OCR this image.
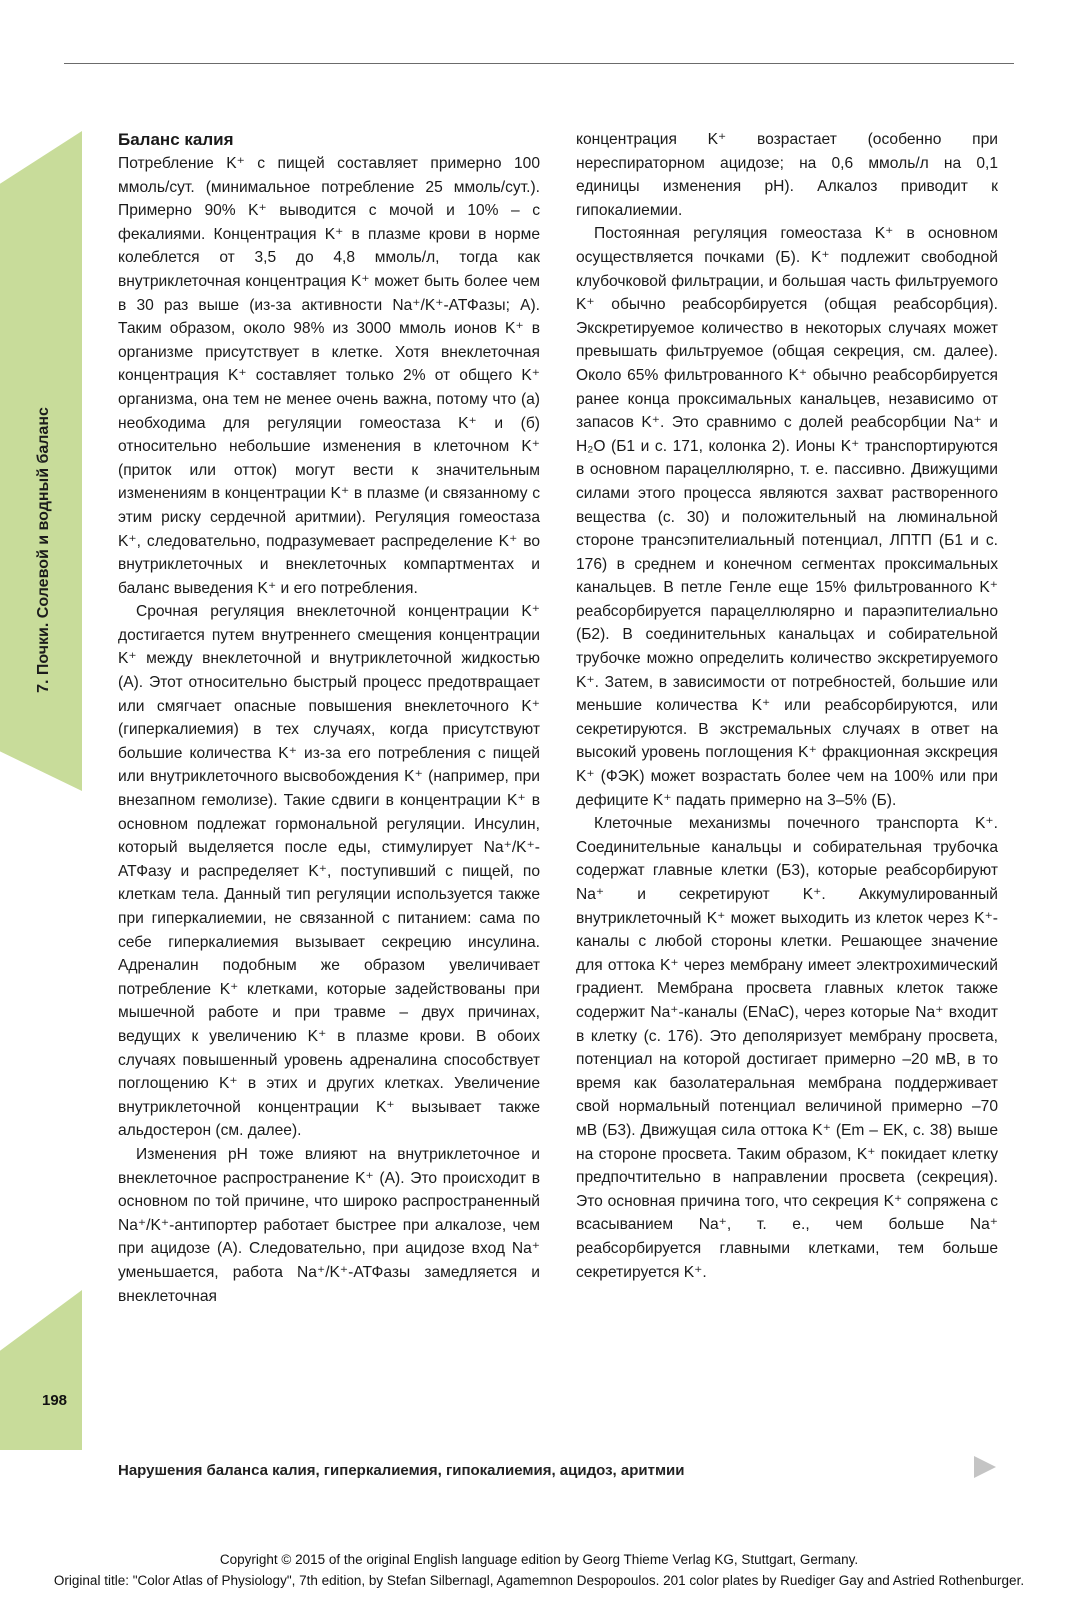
7. Почки. Солевой и водный баланс
198
Баланс калия

Потребление K⁺ с пищей составляет примерно 100 ммоль/сут. (минимальное потребление 25 ммоль/сут.). Примерно 90% K⁺ выводится с мочой и 10% – с фекалиями. Концентрация K⁺ в плазме крови в норме колеблется от 3,5 до 4,8 ммоль/л, тогда как внутриклеточная концентрация K⁺ может быть более чем в 30 раз выше (из-за активности Na⁺/K⁺-АТФазы; А). Таким образом, около 98% из 3000 ммоль ионов K⁺ в организме присутствует в клетке. Хотя внеклеточная концентрация K⁺ составляет только 2% от общего K⁺ организма, она тем не менее очень важна, потому что (а) необходима для регуляции гомеостаза K⁺ и (б) относительно небольшие изменения в клеточном K⁺ (приток или отток) могут вести к значительным изменениям в концентрации K⁺ в плазме (и связанному с этим риску сердечной аритмии). Регуляция гомеостаза K⁺, следовательно, подразумевает распределение K⁺ во внутриклеточных и внеклеточных компартментах и баланс выведения K⁺ и его потребления.

Срочная регуляция внеклеточной концентрации K⁺ достигается путем внутреннего смещения концентрации K⁺ между внеклеточной и внутриклеточной жидкостью (А). Этот относительно быстрый процесс предотвращает или смягчает опасные повышения внеклеточного K⁺ (гиперкалиемия) в тех случаях, когда присутствуют большие количества K⁺ из-за его потребления с пищей или внутриклеточного высвобождения K⁺ (например, при внезапном гемолизе). Такие сдвиги в концентрации K⁺ в основном подлежат гормональной регуляции. Инсулин, который выделяется после еды, стимулирует Na⁺/K⁺-АТФазу и распределяет K⁺, поступивший с пищей, по клеткам тела. Данный тип регуляции используется также при гиперкалиемии, не связанной с питанием: сама по себе гиперкалиемия вызывает секрецию инсулина. Адреналин подобным же образом увеличивает потребление K⁺ клетками, которые задействованы при мышечной работе и при травме – двух причинах, ведущих к увеличению K⁺ в плазме крови. В обоих случаях повышенный уровень адреналина способствует поглощению K⁺ в этих и других клетках. Увеличение внутриклеточной концентрации K⁺ вызывает также альдостерон (см. далее).

Изменения pH тоже влияют на внутриклеточное и внеклеточное распространение K⁺ (А). Это происходит в основном по той причине, что широко распространенный Na⁺/K⁺-антипортер работает быстрее при алкалозе, чем при ацидозе (А). Следовательно, при ацидозе вход Na⁺ уменьшается, работа Na⁺/K⁺-АТФазы замедляется и внеклеточная

концентрация K⁺ возрастает (особенно при нереспираторном ацидозе; на 0,6 ммоль/л на 0,1 единицы изменения pH). Алкалоз приводит к гипокалиемии.

Постоянная регуляция гомеостаза K⁺ в основном осуществляется почками (Б). K⁺ подлежит свободной клубочковой фильтрации, и большая часть фильтруемого K⁺ обычно реабсорбируется (общая реабсорбция). Экскретируемое количество в некоторых случаях может превышать фильтруемое (общая секреция, см. далее). Около 65% фильтрованного K⁺ обычно реабсорбируется ранее конца проксимальных канальцев, независимо от запасов K⁺. Это сравнимо с долей реабсорбции Na⁺ и H₂O (Б1 и с. 171, колонка 2). Ионы K⁺ транспортируются в основном парацеллюлярно, т. е. пассивно. Движущими силами этого процесса являются захват растворенного вещества (с. 30) и положительный на люминальной стороне трансэпителиальный потенциал, ЛПТП (Б1 и с. 176) в среднем и конечном сегментах проксимальных канальцев. В петле Генле еще 15% фильтрованного K⁺ реабсорбируется парацеллюлярно и параэпителиально (Б2). В соединительных канальцах и собирательной трубочке можно определить количество экскретируемого K⁺. Затем, в зависимости от потребностей, большие или меньшие количества K⁺ или реабсорбируются, или секретируются. В экстремальных случаях в ответ на высокий уровень поглощения K⁺ фракционная экскреция K⁺ (ФЭK) может возрастать более чем на 100% или при дефиците K⁺ падать примерно на 3–5% (Б).

Клеточные механизмы почечного транспорта K⁺. Соединительные канальцы и собирательная трубочка содержат главные клетки (Б3), которые реабсорбируют Na⁺ и секретируют K⁺. Аккумулированный внутриклеточный K⁺ может выходить из клеток через K⁺-каналы с любой стороны клетки. Решающее значение для оттока K⁺ через мембрану имеет электрохимический градиент. Мембрана просвета главных клеток также содержит Na⁺-каналы (ENaC), через которые Na⁺ входит в клетку (с. 176). Это деполяризует мембрану просвета, потенциал на которой достигает примерно –20 мВ, в то время как базолатеральная мембрана поддерживает свой нормальный потенциал величиной примерно –70 мВ (Б3). Движущая сила оттока K⁺ (Em – EK, с. 38) выше на стороне просвета. Таким образом, K⁺ покидает клетку предпочтительно в направлении просвета (секреция). Это основная причина того, что секреция K⁺ сопряжена с всасыванием Na⁺, т. е., чем больше Na⁺ реабсорбируется главными клетками, тем больше секретируется K⁺.

Нарушения баланса калия, гиперкалиемия, гипокалиемия, ацидоз, аритмии
Copyright © 2015 of the original English language edition by Georg Thieme Verlag KG, Stuttgart, Germany.
Original title: "Color Atlas of Physiology", 7th edition, by Stefan Silbernagl, Agamemnon Despopoulos. 201 color plates by Ruediger Gay and Astried Rothenburger.
